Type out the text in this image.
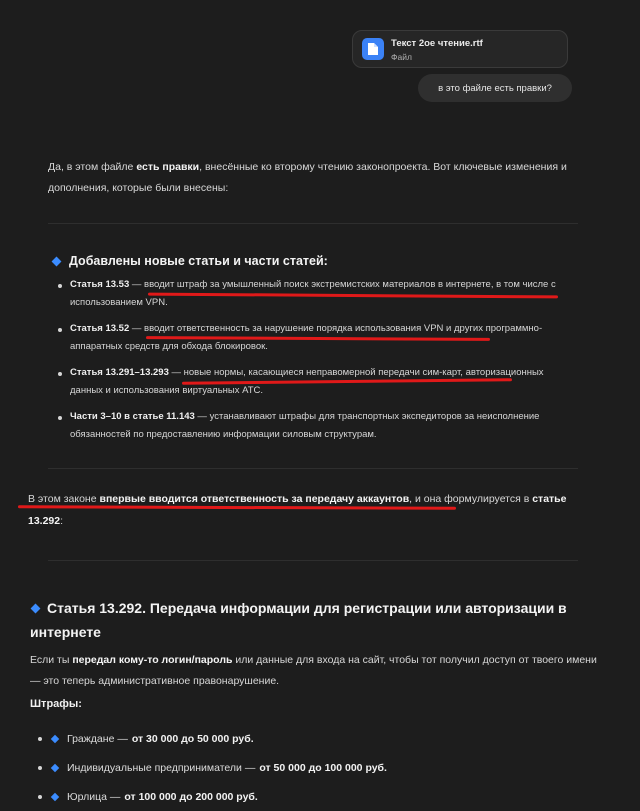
Текст 2ое чтение.rtf
Файл
в это файле есть правки?
Да, в этом файле есть правки, внесённые ко второму чтению законопроекта. Вот ключевые изменения и дополнения, которые были внесены:
Добавлены новые статьи и части статей:
Статья 13.53 — вводит штраф за умышленный поиск экстремистских материалов в интернете, в том числе с использованием VPN.
Статья 13.52 — вводит ответственность за нарушение порядка использования VPN и других программно-аппаратных средств для обхода блокировок.
Статья 13.291–13.293 — новые нормы, касающиеся неправомерной передачи сим-карт, авторизационных данных и использования виртуальных АТС.
Части 3–10 в статье 11.143 — устанавливают штрафы для транспортных экспедиторов за неисполнение обязанностей по предоставлению информации силовым структурам.
В этом законе впервые вводится ответственность за передачу аккаунтов, и она формулируется в статье 13.292:
Статья 13.292. Передача информации для регистрации или авторизации в интернете
Если ты передал кому-то логин/пароль или данные для входа на сайт, чтобы тот получил доступ от твоего имени — это теперь административное правонарушение.
Штрафы:
Граждане — от 30 000 до 50 000 руб.
Индивидуальные предприниматели — от 50 000 до 100 000 руб.
Юрлица — от 100 000 до 200 000 руб.
